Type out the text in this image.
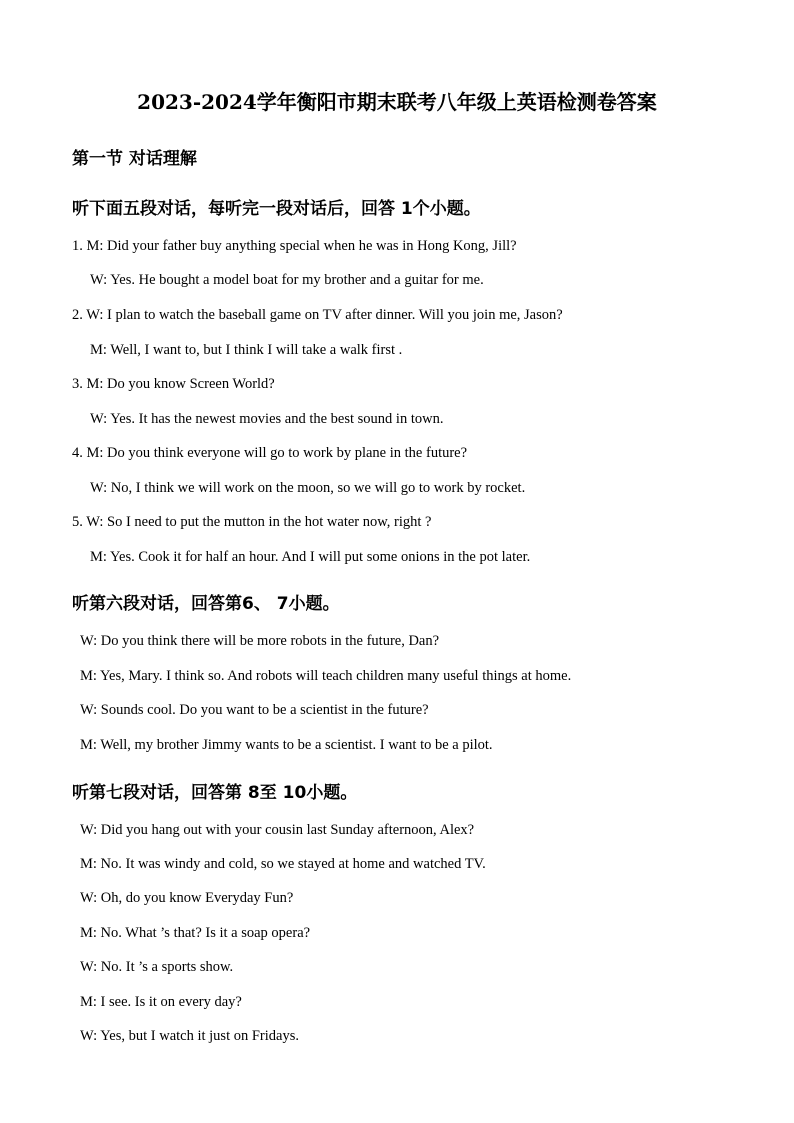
2023-2024学年衡阳市期末联考八年级上英语检测卷答案
第一节 对话理解
听下面五段对话，每听完一段对话后，回答 1个小题。
1. M: Did your father buy anything special when he was in Hong Kong, Jill?
W: Yes. He bought a model boat for my brother and a guitar for me.
2. W: I plan to watch the baseball game on TV after dinner. Will you join me, Jason?
M: Well, I want to, but I think I will take a walk first .
3. M: Do you know Screen World?
W: Yes. It has the newest movies and the best sound in town.
4. M: Do you think everyone will go to work by plane in the future?
W: No, I think we will work on the moon, so we will go to work by rocket.
5. W: So I need to put the mutton in the hot water now, right ?
M: Yes. Cook it for half an hour. And I will put some onions in the pot later.
听第六段对话，回答第6、 7小题。
W: Do you think there will be more robots in the future, Dan?
M: Yes, Mary. I think so. And robots will teach children many useful things at home.
W: Sounds cool. Do you want to be a scientist in the future?
M: Well, my brother Jimmy wants to be a scientist. I want to be a pilot.
听第七段对话，回答第 8至 10小题。
W: Did you hang out with your cousin last Sunday afternoon, Alex?
M: No. It was windy and cold, so we stayed at home and watched TV.
W: Oh, do you know Everyday Fun?
M: No. What ’s that? Is it a soap opera?
W: No. It ’s a sports show.
M: I see. Is it on every day?
W: Yes, but I watch it just on Fridays.
